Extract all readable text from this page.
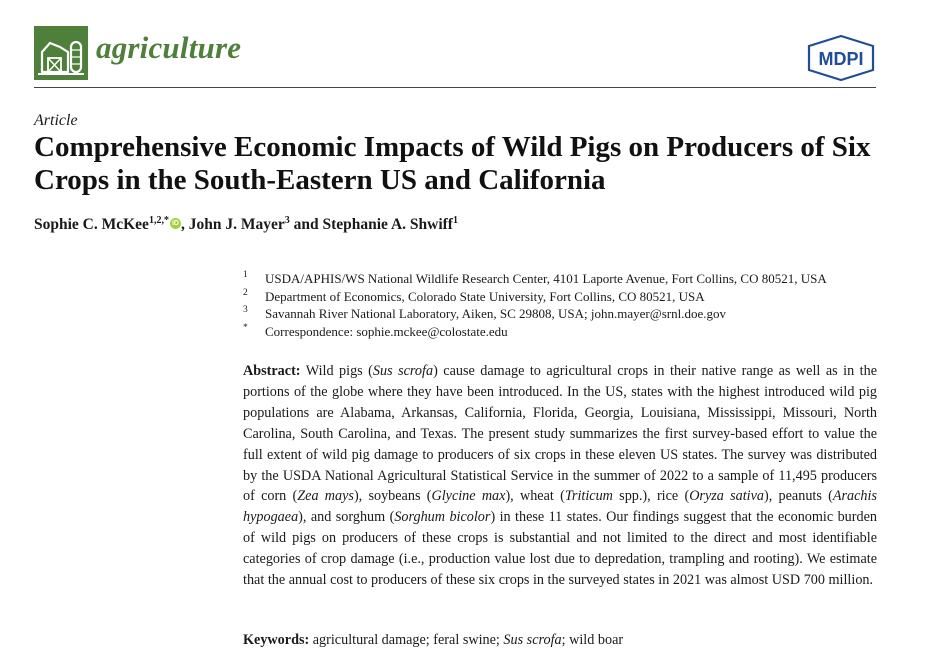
agriculture	MDPI
Article
Comprehensive Economic Impacts of Wild Pigs on Producers of Six Crops in the South-Eastern US and California
Sophie C. McKee$^{1,2,*}$ iD , John J. Mayer$^3$ and Stephanie A. Shwiff$^1$
1 USDA/APHIS/WS National Wildlife Research Center, 4101 Laporte Avenue, Fort Collins, CO 80521, USA
2 Department of Economics, Colorado State University, Fort Collins, CO 80521, USA
3 Savannah River National Laboratory, Aiken, SC 29808, USA; john.mayer@srnl.doe.gov
* Correspondence: sophie.mckee@colostate.edu

Abstract: Wild pigs (Sus scrofa) cause damage to agricultural crops in their native range as well as in the portions of the globe where they have been introduced. In the US, states with the highest introduced wild pig populations are Alabama, Arkansas, California, Florida, Georgia, Louisiana, Mississippi, Missouri, North Carolina, South Carolina, and Texas. The present study summarizes the first survey-based effort to value the full extent of wild pig damage to producers of six crops in these eleven US states. The survey was distributed by the USDA National Agricultural Statistical Service in the summer of 2022 to a sample of 11,495 producers of corn (Zea mays), soybeans (Glycine max), wheat (Triticum spp.), rice (Oryza sativa), peanuts (Arachis hypogaea), and sorghum (Sorghum bicolor) in these 11 states. Our findings suggest that the economic burden of wild pigs on producers of these crops is substantial and not limited to the direct and most identifiable categories of crop damage (i.e., production value lost due to depredation, trampling and rooting). We estimate that the annual cost to producers of these six crops in the surveyed states in 2021 was almost USD 700 million.

Keywords: agricultural damage; feral swine; Sus scrofa; wild boar
